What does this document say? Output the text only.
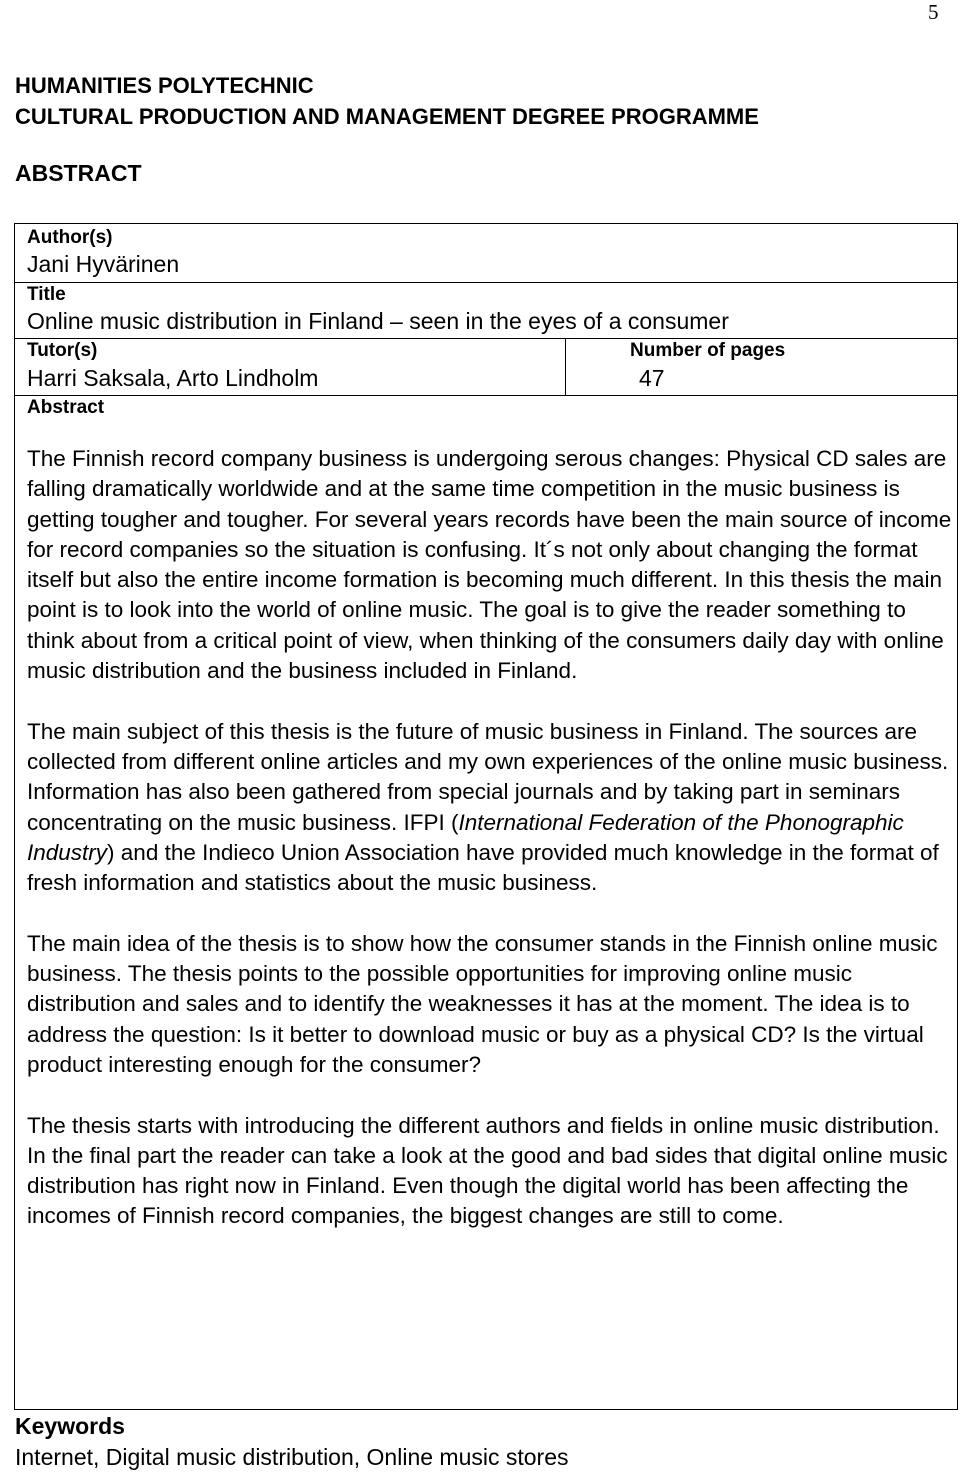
5
HUMANITIES POLYTECHNIC
CULTURAL PRODUCTION AND MANAGEMENT DEGREE PROGRAMME
ABSTRACT
Author(s)
Jani Hyvärinen
Title
Online music distribution in Finland – seen in the eyes of a consumer
Tutor(s)
Harri Saksala, Arto Lindholm
Number of pages
47
Abstract

The Finnish record company business is undergoing serous changes: Physical CD sales are falling dramatically worldwide and at the same time competition in the music business is getting tougher and tougher. For several years records have been the main source of income for record companies so the situation is confusing. It´s not only about changing the format itself but also the entire income formation is becoming much different. In this thesis the main point is to look into the world of online music. The goal is to give the reader something to think about from a critical point of view, when thinking of the consumers daily day with online music distribution and the business included in Finland.

The main subject of this thesis is the future of music business in Finland. The sources are collected from different online articles and my own experiences of the online music business. Information has also been gathered from special journals and by taking part in seminars concentrating on the music business. IFPI (International Federation of the Phonographic Industry) and the Indieco Union Association have provided much knowledge in the format of fresh information and statistics about the music business.

The main idea of the thesis is to show how the consumer stands in the Finnish online music business. The thesis points to the possible opportunities for improving online music distribution and sales and to identify the weaknesses it has at the moment. The idea is to address the question: Is it better to download music or buy as a physical CD? Is the virtual product interesting enough for the consumer?

The thesis starts with introducing the different authors and fields in online music distribution. In the final part the reader can take a look at the good and bad sides that digital online music distribution has right now in Finland. Even though the digital world has been affecting the incomes of Finnish record companies, the biggest changes are still to come.

Keywords
Internet, Digital music distribution, Online music stores
